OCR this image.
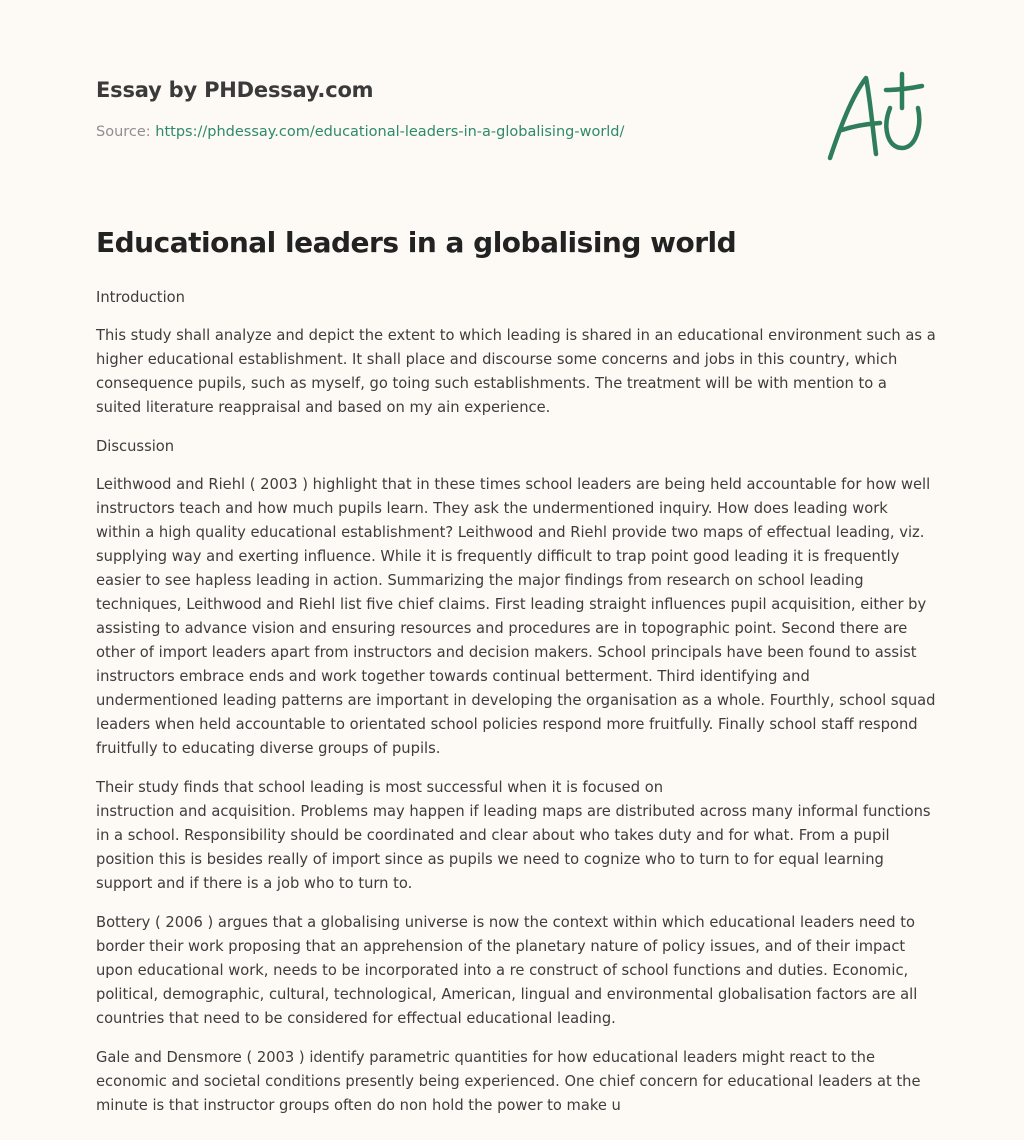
Essay by PHDessay.com

Source: https://phdessay.com/educational-leaders-in-a-globalising-world/
Educational leaders in a globalising world

Introduction

This study shall analyze and depict the extent to which leading is shared in an educational environment such as a higher educational establishment. It shall place and discourse some concerns and jobs in this country, which consequence pupils, such as myself, go toing such establishments. The treatment will be with mention to a suited literature reappraisal and based on my ain experience.

Discussion

Leithwood and Riehl ( 2003 ) highlight that in these times school leaders are being held accountable for how well instructors teach and how much pupils learn. They ask the undermentioned inquiry. How does leading work within a high quality educational establishment? Leithwood and Riehl provide two maps of effectual leading, viz. supplying way and exerting influence. While it is frequently difficult to trap point good leading it is frequently easier to see hapless leading in action. Summarizing the major findings from research on school leading techniques, Leithwood and Riehl list five chief claims. First leading straight influences pupil acquisition, either by assisting to advance vision and ensuring resources and procedures are in topographic point. Second there are other of import leaders apart from instructors and decision makers. School principals have been found to assist instructors embrace ends and work together towards continual betterment. Third identifying and undermentioned leading patterns are important in developing the organisation as a whole. Fourthly, school squad leaders when held accountable to orientated school policies respond more fruitfully. Finally school staff respond fruitfully to educating diverse groups of pupils.

Their study finds that school leading is most successful when it is focused on
instruction and acquisition. Problems may happen if leading maps are distributed across many informal functions in a school. Responsibility should be coordinated and clear about who takes duty and for what. From a pupil position this is besides really of import since as pupils we need to cognize who to turn to for equal learning support and if there is a job who to turn to.

Bottery ( 2006 ) argues that a globalising universe is now the context within which educational leaders need to border their work proposing that an apprehension of the planetary nature of policy issues, and of their impact upon educational work, needs to be incorporated into a re construct of school functions and duties. Economic, political, demographic, cultural, technological, American, lingual and environmental globalisation factors are all countries that need to be considered for effectual educational leading.

Gale and Densmore ( 2003 ) identify parametric quantities for how educational leaders might react to the economic and societal conditions presently being experienced. One chief concern for educational leaders at the minute is that instructor groups often do non hold the power to make u
